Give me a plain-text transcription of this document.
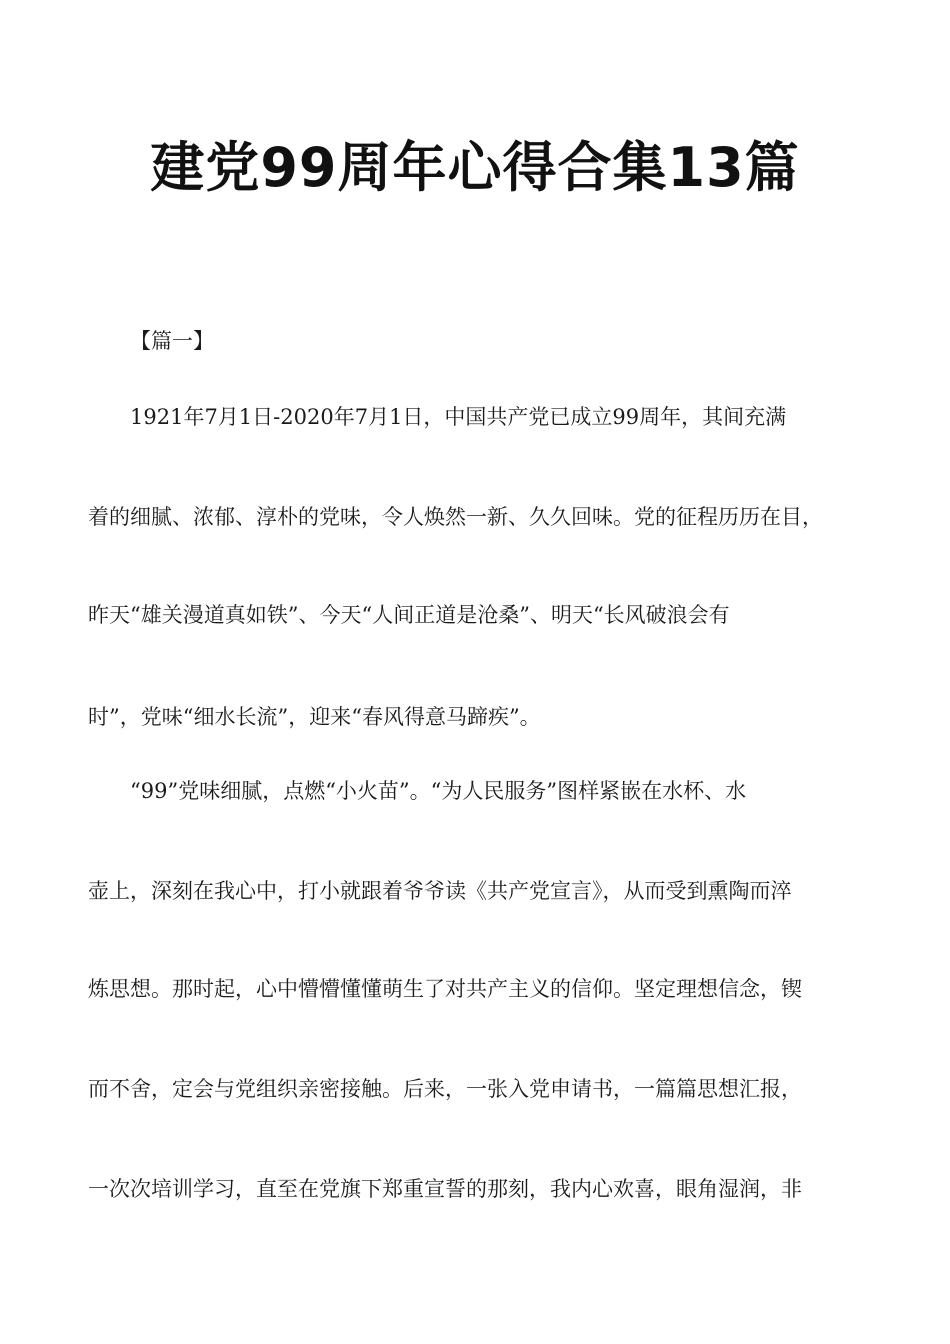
建党99周年心得合集13篇
【篇一】
1921年7月1日-2020年7月1日，中国共产党已成立99周年，其间充满
着的细腻、浓郁、淳朴的党味，令人焕然一新、久久回味。党的征程历历在目，
昨天“雄关漫道真如铁”、今天“人间正道是沧桑”、明天“长风破浪会有
时”，党味“细水长流”，迎来“春风得意马蹄疾”。
“99”党味细腻，点燃“小火苗”。“为人民服务”图样紧嵌在水杯、水
壶上，深刻在我心中，打小就跟着爷爷读《共产党宣言》，从而受到熏陶而淬
炼思想。那时起，心中懵懵懂懂萌生了对共产主义的信仰。坚定理想信念，锲
而不舍，定会与党组织亲密接触。后来，一张入党申请书，一篇篇思想汇报，
一次次培训学习，直至在党旗下郑重宣誓的那刻，我内心欢喜，眼角湿润，非
